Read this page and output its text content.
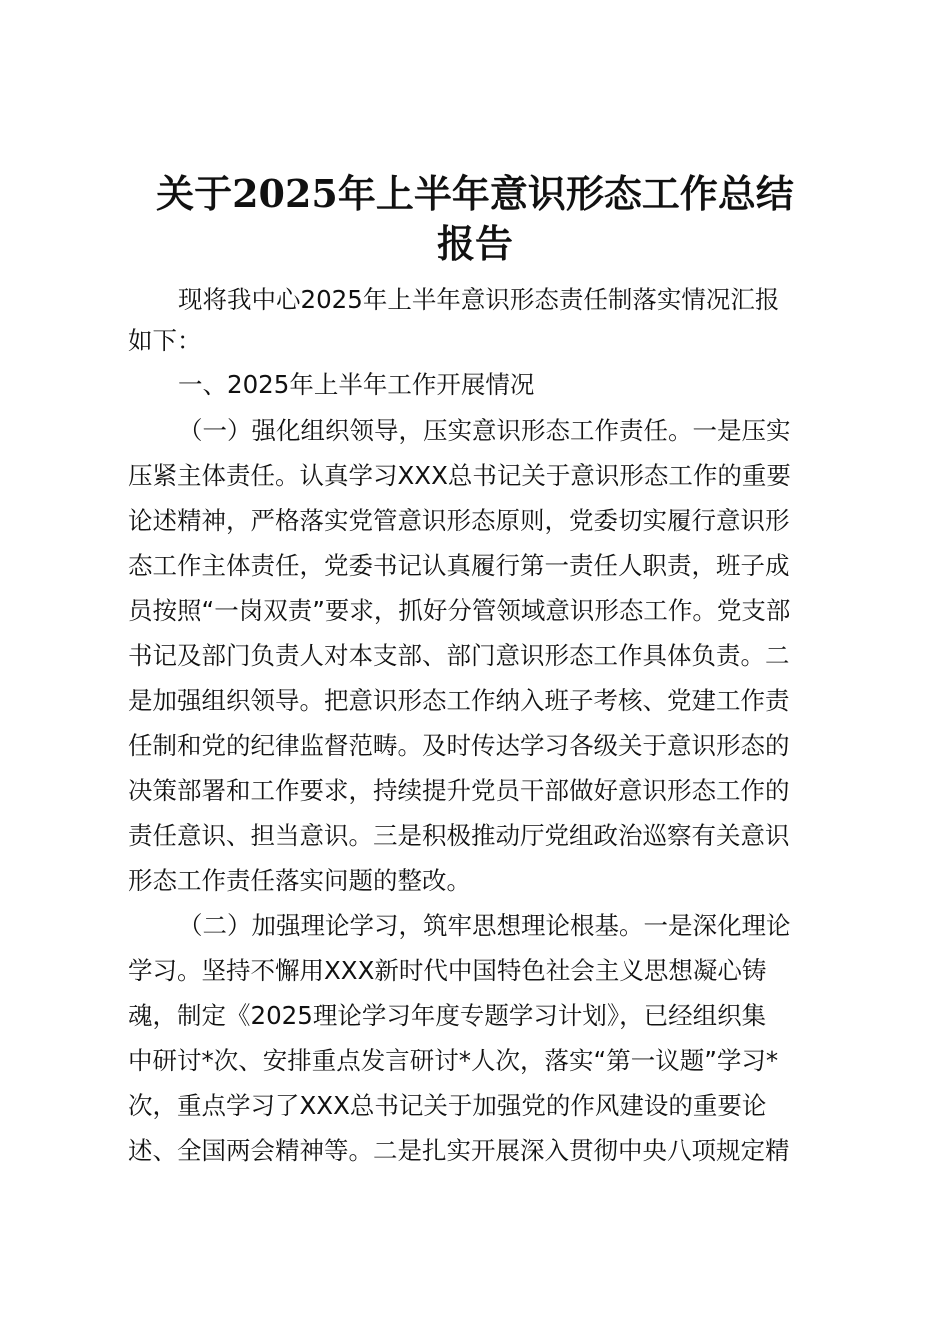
关于2025年上半年意识形态工作总结
报告

现将我中心2025年上半年意识形态责任制落实情况汇报

如下：

一、2025年上半年工作开展情况

（一）强化组织领导，压实意识形态工作责任。一是压实

压紧主体责任。认真学习XXX总书记关于意识形态工作的重要

论述精神，严格落实党管意识形态原则，党委切实履行意识形

态工作主体责任，党委书记认真履行第一责任人职责，班子成

员按照“一岗双责”要求，抓好分管领域意识形态工作。党支部

书记及部门负责人对本支部、部门意识形态工作具体负责。二

是加强组织领导。把意识形态工作纳入班子考核、党建工作责

任制和党的纪律监督范畴。及时传达学习各级关于意识形态的

决策部署和工作要求，持续提升党员干部做好意识形态工作的

责任意识、担当意识。三是积极推动厅党组政治巡察有关意识

形态工作责任落实问题的整改。

（二）加强理论学习，筑牢思想理论根基。一是深化理论

学习。坚持不懈用XXX新时代中国特色社会主义思想凝心铸

魂，制定《2025理论学习年度专题学习计划》，已经组织集

中研讨*次、安排重点发言研讨*人次，落实“第一议题”学习*

次，重点学习了XXX总书记关于加强党的作风建设的重要论

述、全国两会精神等。二是扎实开展深入贯彻中央八项规定精
